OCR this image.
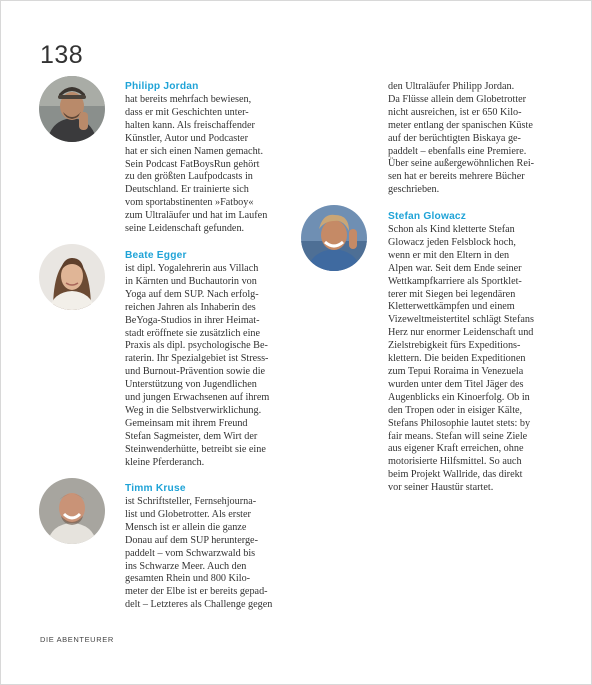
138
Philipp Jordan
hat bereits mehrfach bewiesen,
dass er mit Geschichten unter-
halten kann. Als freischaffender
Künstler, Autor und Podcaster
hat er sich einen Namen gemacht.
Sein Podcast FatBoysRun gehört
zu den größten Laufpodcasts in
Deutschland. Er trainierte sich
vom sportabstinenten »Fatboy«
zum Ultraläufer und hat im Laufen
seine Leidenschaft gefunden.
Beate Egger
ist dipl. Yogalehrerin aus Villach
in Kärnten und Buchautorin von
Yoga auf dem SUP. Nach erfolg-
reichen Jahren als Inhaberin des
BeYoga-Studios in ihrer Heimat-
stadt eröffnete sie zusätzlich eine
Praxis als dipl. psychologische Be-
raterin. Ihr Spezialgebiet ist Stress-
und Burnout-Prävention sowie die
Unterstützung von Jugendlichen
und jungen Erwachsenen auf ihrem
Weg in die Selbstverwirklichung.
Gemeinsam mit ihrem Freund
Stefan Sagmeister, dem Wirt der
Steinwenderhütte, betreibt sie eine
kleine Pferderanch.
Timm Kruse
ist Schriftsteller, Fernsehjourna-
list und Globetrotter. Als erster
Mensch ist er allein die ganze
Donau auf dem SUP herunterge-
paddelt – vom Schwarzwald bis
ins Schwarze Meer. Auch den
gesamten Rhein und 800 Kilo-
meter der Elbe ist er bereits gepad-
delt – Letzteres als Challenge gegen
den Ultraläufer Philipp Jordan.
Da Flüsse allein dem Globetrotter
nicht ausreichen, ist er 650 Kilo-
meter entlang der spanischen Küste
auf der berüchtigten Biskaya ge-
paddelt – ebenfalls eine Premiere.
Über seine außergewöhnlichen Rei-
sen hat er bereits mehrere Bücher
geschrieben.
Stefan Glowacz
Schon als Kind kletterte Stefan
Glowacz jeden Felsblock hoch,
wenn er mit den Eltern in den
Alpen war. Seit dem Ende seiner
Wettkampfkarriere als Sportklet-
terer mit Siegen bei legendären
Kletterwettkämpfen und einem
Vizeweltmeistertitel schlägt Stefans
Herz nur enormer Leidenschaft und
Zielstrebigkeit fürs Expeditions-
klettern. Die beiden Expeditionen
zum Tepui Roraima in Venezuela
wurden unter dem Titel Jäger des
Augenblicks ein Kinoerfolg. Ob in
den Tropen oder in eisiger Kälte,
Stefans Philosophie lautet stets: by
fair means. Stefan will seine Ziele
aus eigener Kraft erreichen, ohne
motorisierte Hilfsmittel. So auch
beim Projekt Wallride, das direkt
vor seiner Haustür startet.
DIE ABENTEURER
